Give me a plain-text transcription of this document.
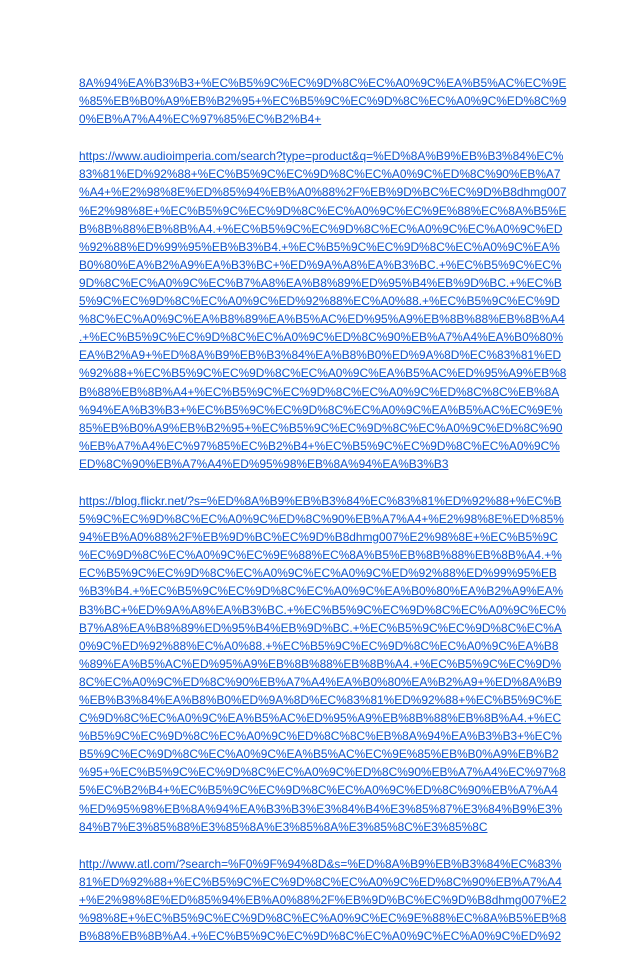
8A%94%EA%B3%B3+%EC%B5%9C%EC%9D%8C%EC%A0%9C%EA%B5%AC%EC%9E
%85%EB%B0%A9%EB%B2%95+%EC%B5%9C%EC%9D%8C%EC%A0%9C%ED%8C%9
0%EB%A7%A4%EC%97%85%EC%B2%B4+
https://www.audioimperia.com/search?type=product&q=%ED%8A%B9%EB%B3%84%EC%
83%81%ED%92%88+%EC%B5%9C%EC%9D%8C%EC%A0%9C%ED%8C%90%EB%A7
%A4+%E2%98%8E%ED%85%94%EB%A0%88%2F%EB%9D%BC%EC%9D%B8dhmg007
%E2%98%8E+%EC%B5%9C%EC%9D%8C%EC%A0%9C%EC%9E%88%EC%8A%B5%E
B%8B%88%EB%8B%A4.+%EC%B5%9C%EC%9D%8C%EC%A0%9C%EC%A0%9C%ED
%92%88%ED%99%95%EB%B3%B4.+%EC%B5%9C%EC%9D%8C%EC%A0%9C%EA%
B0%80%EA%B2%A9%EA%B3%BC+%ED%9A%A8%EA%B3%BC.+%EC%B5%9C%EC%
9D%8C%EC%A0%9C%EC%B7%A8%EA%B8%89%ED%95%B4%EB%9D%BC.+%EC%B
5%9C%EC%9D%8C%EC%A0%9C%ED%92%88%EC%A0%88.+%EC%B5%9C%EC%9D
%8C%EC%A0%9C%EA%B8%89%EA%B5%AC%ED%95%A9%EB%8B%88%EB%8B%A4
.+%EC%B5%9C%EC%9D%8C%EC%A0%9C%ED%8C%90%EB%A7%A4%EA%B0%80%
EA%B2%A9+%ED%8A%B9%EB%B3%84%EA%B8%B0%ED%9A%8D%EC%83%81%ED
%92%88+%EC%B5%9C%EC%9D%8C%EC%A0%9C%EA%B5%AC%ED%95%A9%EB%8
B%88%EB%8B%A4+%EC%B5%9C%EC%9D%8C%EC%A0%9C%ED%8C%8C%EB%8A
%94%EA%B3%B3+%EC%B5%9C%EC%9D%8C%EC%A0%9C%EA%B5%AC%EC%9E%
85%EB%B0%A9%EB%B2%95+%EC%B5%9C%EC%9D%8C%EC%A0%9C%ED%8C%90
%EB%A7%A4%EC%97%85%EC%B2%B4+%EC%B5%9C%EC%9D%8C%EC%A0%9C%
ED%8C%90%EB%A7%A4%ED%95%98%EB%8A%94%EA%B3%B3
https://blog.flickr.net/?s=%ED%8A%B9%EB%B3%84%EC%83%81%ED%92%88+%EC%B
5%9C%EC%9D%8C%EC%A0%9C%ED%8C%90%EB%A7%A4+%E2%98%8E%ED%85%
94%EB%A0%88%2F%EB%9D%BC%EC%9D%B8dhmg007%E2%98%8E+%EC%B5%9C
%EC%9D%8C%EC%A0%9C%EC%9E%88%EC%8A%B5%EB%8B%88%EB%8B%A4.+%
EC%B5%9C%EC%9D%8C%EC%A0%9C%EC%A0%9C%ED%92%88%ED%99%95%EB
%B3%B4.+%EC%B5%9C%EC%9D%8C%EC%A0%9C%EA%B0%80%EA%B2%A9%EA%
B3%BC+%ED%9A%A8%EA%B3%BC.+%EC%B5%9C%EC%9D%8C%EC%A0%9C%EC%
B7%A8%EA%B8%89%ED%95%B4%EB%9D%BC.+%EC%B5%9C%EC%9D%8C%EC%A
0%9C%ED%92%88%EC%A0%88.+%EC%B5%9C%EC%9D%8C%EC%A0%9C%EA%B8
%89%EA%B5%AC%ED%95%A9%EB%8B%88%EB%8B%A4.+%EC%B5%9C%EC%9D%
8C%EC%A0%9C%ED%8C%90%EB%A7%A4%EA%B0%80%EA%B2%A9+%ED%8A%B9
%EB%B3%84%EA%B8%B0%ED%9A%8D%EC%83%81%ED%92%88+%EC%B5%9C%E
C%9D%8C%EC%A0%9C%EA%B5%AC%ED%95%A9%EB%8B%88%EB%8B%A4.+%EC
%B5%9C%EC%9D%8C%EC%A0%9C%ED%8C%8C%EB%8A%94%EA%B3%B3+%EC%
B5%9C%EC%9D%8C%EC%A0%9C%EA%B5%AC%EC%9E%85%EB%B0%A9%EB%B2
%95+%EC%B5%9C%EC%9D%8C%EC%A0%9C%ED%8C%90%EB%A7%A4%EC%97%8
5%EC%B2%B4+%EC%B5%9C%EC%9D%8C%EC%A0%9C%ED%8C%90%EB%A7%A4
%ED%95%98%EB%8A%94%EA%B3%B3%E3%84%B4%E3%85%87%E3%84%B9%E3%
84%B7%E3%85%88%E3%85%8A%E3%85%8A%E3%85%8C%E3%85%8C
http://www.atl.com/?search=%F0%9F%94%8D&s=%ED%8A%B9%EB%B3%84%EC%83%
81%ED%92%88+%EC%B5%9C%EC%9D%8C%EC%A0%9C%ED%8C%90%EB%A7%A4
+%E2%98%8E%ED%85%94%EB%A0%88%2F%EB%9D%BC%EC%9D%B8dhmg007%E2
%98%8E+%EC%B5%9C%EC%9D%8C%EC%A0%9C%EC%9E%88%EC%8A%B5%EB%8
B%88%EB%8B%A4.+%EC%B5%9C%EC%9D%8C%EC%A0%9C%EC%A0%9C%ED%92
